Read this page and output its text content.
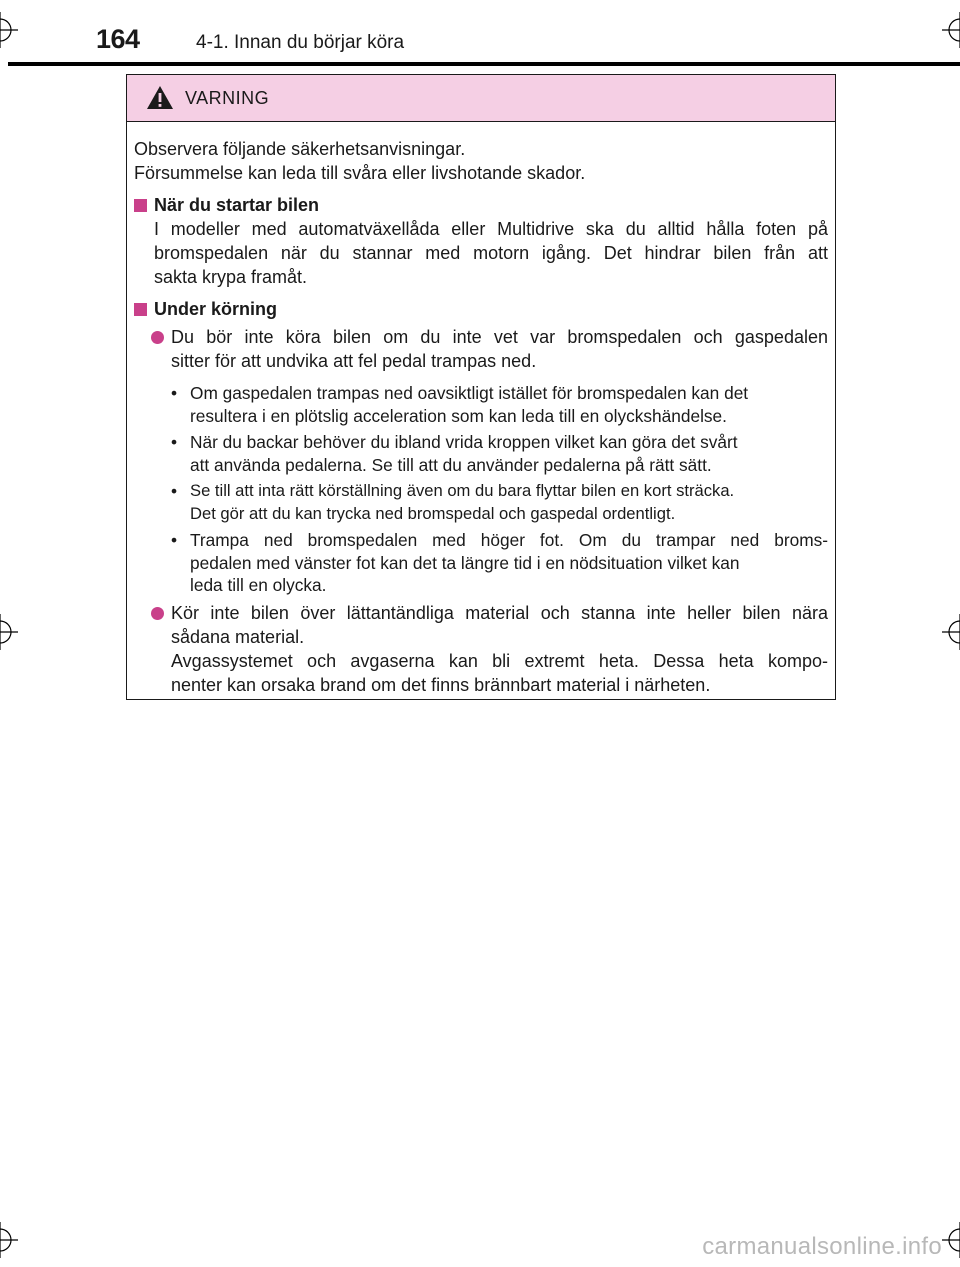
164	4-1. Innan du börjar köra
VARNING
Observera följande säkerhetsanvisningar.
Försummelse kan leda till svåra eller livshotande skador.
När du startar bilen
I modeller med automatväxellåda eller Multidrive ska du alltid hålla foten på
bromspedalen när du stannar med motorn igång. Det hindrar bilen från att
sakta krypa framåt.
Under körning
Du bör inte köra bilen om du inte vet var bromspedalen och gaspedalen
sitter för att undvika att fel pedal trampas ned.
• Om gaspedalen trampas ned oavsiktligt istället för bromspedalen kan det
resultera i en plötslig acceleration som kan leda till en olyckshändelse.
• När du backar behöver du ibland vrida kroppen vilket kan göra det svårt
att använda pedalerna. Se till att du använder pedalerna på rätt sätt.
• Se till att inta rätt körställning även om du bara flyttar bilen en kort sträcka.
Det gör att du kan trycka ned bromspedal och gaspedal ordentligt.
• Trampa ned bromspedalen med höger fot. Om du trampar ned broms-
pedalen med vänster fot kan det ta längre tid i en nödsituation vilket kan
leda till en olycka.
Kör inte bilen över lättantändliga material och stanna inte heller bilen nära
sådana material.
Avgassystemet och avgaserna kan bli extremt heta. Dessa heta kompo-
nenter kan orsaka brand om det finns brännbart material i närheten.
carmanualsonline.info
